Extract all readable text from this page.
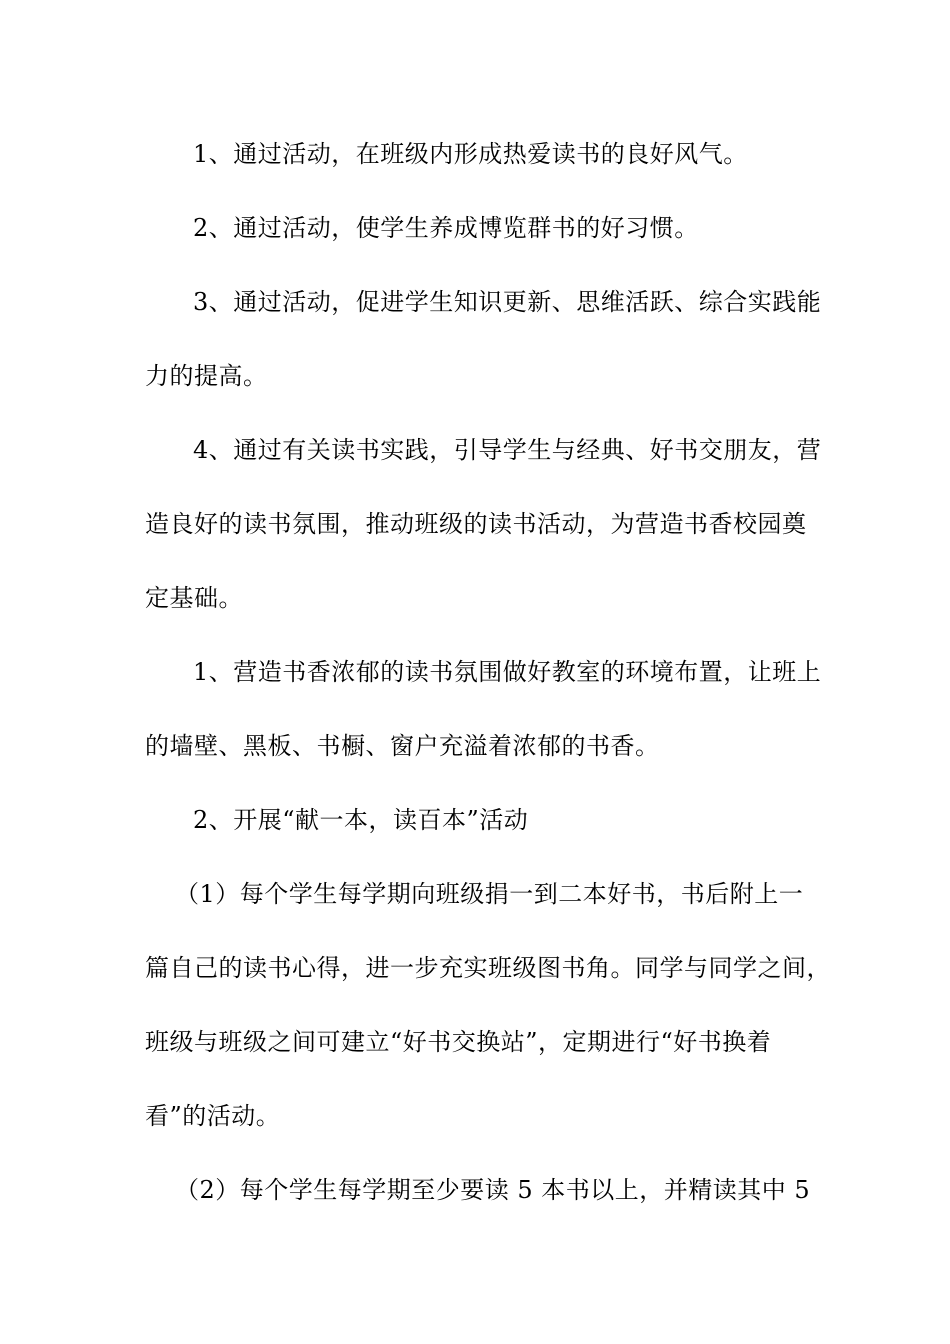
1、通过活动，在班级内形成热爱读书的良好风气。
2、通过活动，使学生养成博览群书的好习惯。
3、通过活动，促进学生知识更新、思维活跃、综合实践能
力的提高。
4、通过有关读书实践，引导学生与经典、好书交朋友，营
造良好的读书氛围，推动班级的读书活动，为营造书香校园奠
定基础。
1、营造书香浓郁的读书氛围做好教室的环境布置，让班上
的墙壁、黑板、书橱、窗户充溢着浓郁的书香。
2、开展“献一本，读百本”活动
（1）每个学生每学期向班级捐一到二本好书，书后附上一
篇自己的读书心得，进一步充实班级图书角。同学与同学之间，
班级与班级之间可建立“好书交换站”，定期进行“好书换着
看”的活动。
（2）每个学生每学期至少要读 5 本书以上，并精读其中 5
